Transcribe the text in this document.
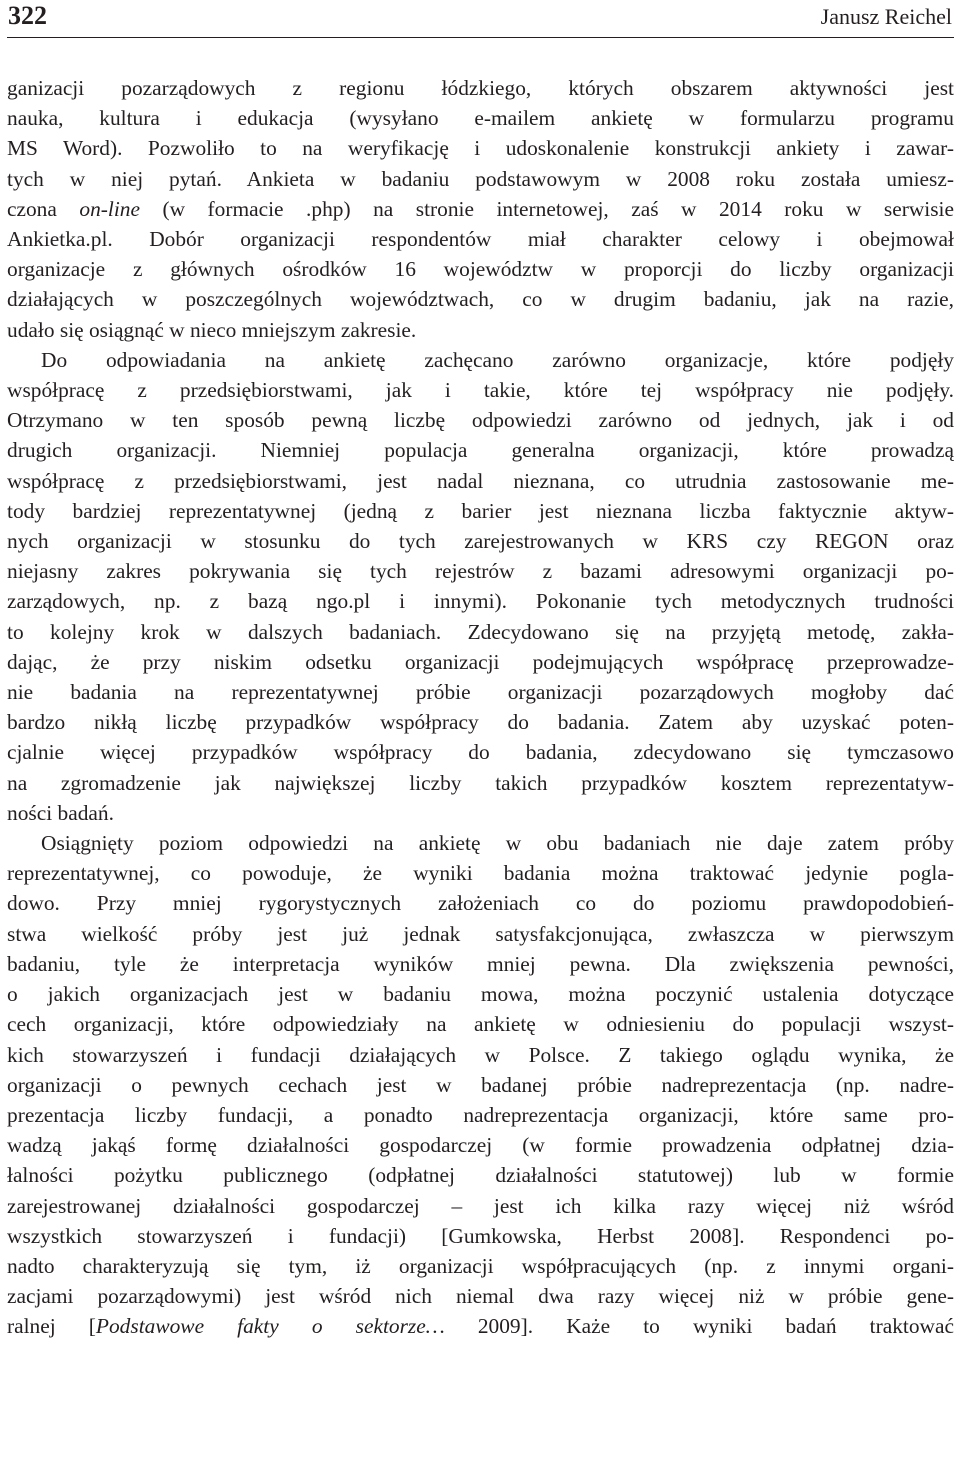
322	Janusz Reichel
ganizacji pozarządowych z regionu łódzkiego, których obszarem aktywności jest
nauka, kultura i edukacja (wysyłano e-mailem ankietę w formularzu programu
MS Word). Pozwoliło to na weryfikację i udoskonalenie konstrukcji ankiety i zawar-
tych w niej pytań. Ankieta w badaniu podstawowym w 2008 roku została umiesz-
czona on-line (w formacie .php) na stronie internetowej, zaś w 2014 roku w serwisie
Ankietka.pl. Dobór organizacji respondentów miał charakter celowy i obejmował
organizacje z głównych ośrodków 16 województw w proporcji do liczby organizacji
działających w poszczególnych województwach, co w drugim badaniu, jak na razie,
udało się osiągnąć w nieco mniejszym zakresie.
Do odpowiadania na ankietę zachęcano zarówno organizacje, które podjęły
współpracę z przedsiębiorstwami, jak i takie, które tej współpracy nie podjęły.
Otrzymano w ten sposób pewną liczbę odpowiedzi zarówno od jednych, jak i od
drugich organizacji. Niemniej populacja generalna organizacji, które prowadzą
współpracę z przedsiębiorstwami, jest nadal nieznana, co utrudnia zastosowanie me-
tody bardziej reprezentatywnej (jedną z barier jest nieznana liczba faktycznie aktyw-
nych organizacji w stosunku do tych zarejestrowanych w KRS czy REGON oraz
niejasny zakres pokrywania się tych rejestrów z bazami adresowymi organizacji po-
zarządowych, np. z bazą ngo.pl i innymi). Pokonanie tych metodycznych trudności
to kolejny krok w dalszych badaniach. Zdecydowano się na przyjętą metodę, zakła-
dając, że przy niskim odsetku organizacji podejmujących współpracę przeprowadze-
nie badania na reprezentatywnej próbie organizacji pozarządowych mogłoby dać
bardzo nikłą liczbę przypadków współpracy do badania. Zatem aby uzyskać poten-
cjalnie więcej przypadków współpracy do badania, zdecydowano się tymczasowo
na zgromadzenie jak największej liczby takich przypadków kosztem reprezentatyw-
ności badań.
Osiągnięty poziom odpowiedzi na ankietę w obu badaniach nie daje zatem próby
reprezentatywnej, co powoduje, że wyniki badania można traktować jedynie pogla-
dowo. Przy mniej rygorystycznych założeniach co do poziomu prawdopodobień-
stwa wielkość próby jest już jednak satysfakcjonująca, zwłaszcza w pierwszym
badaniu, tyle że interpretacja wyników mniej pewna. Dla zwiększenia pewności,
o jakich organizacjach jest w badaniu mowa, można poczynić ustalenia dotyczące
cech organizacji, które odpowiedziały na ankietę w odniesieniu do populacji wszyst-
kich stowarzyszeń i fundacji działających w Polsce. Z takiego oglądu wynika, że
organizacji o pewnych cechach jest w badanej próbie nadreprezentacja (np. nadre-
prezentacja liczby fundacji, a ponadto nadreprezentacja organizacji, które same pro-
wadzą jakąś formę działalności gospodarczej (w formie prowadzenia odpłatnej dzia-
łalności pożytku publicznego (odpłatnej działalności statutowej) lub w formie
zarejestrowanej działalności gospodarczej – jest ich kilka razy więcej niż wśród
wszystkich stowarzyszeń i fundacji) [Gumkowska, Herbst 2008]. Respondenci po-
nadto charakteryzują się tym, iż organizacji współpracujących (np. z innymi organi-
zacjami pozarządowymi) jest wśród nich niemal dwa razy więcej niż w próbie gene-
ralnej [Podstawowe fakty o sektorze… 2009]. Każe to wyniki badań traktować
